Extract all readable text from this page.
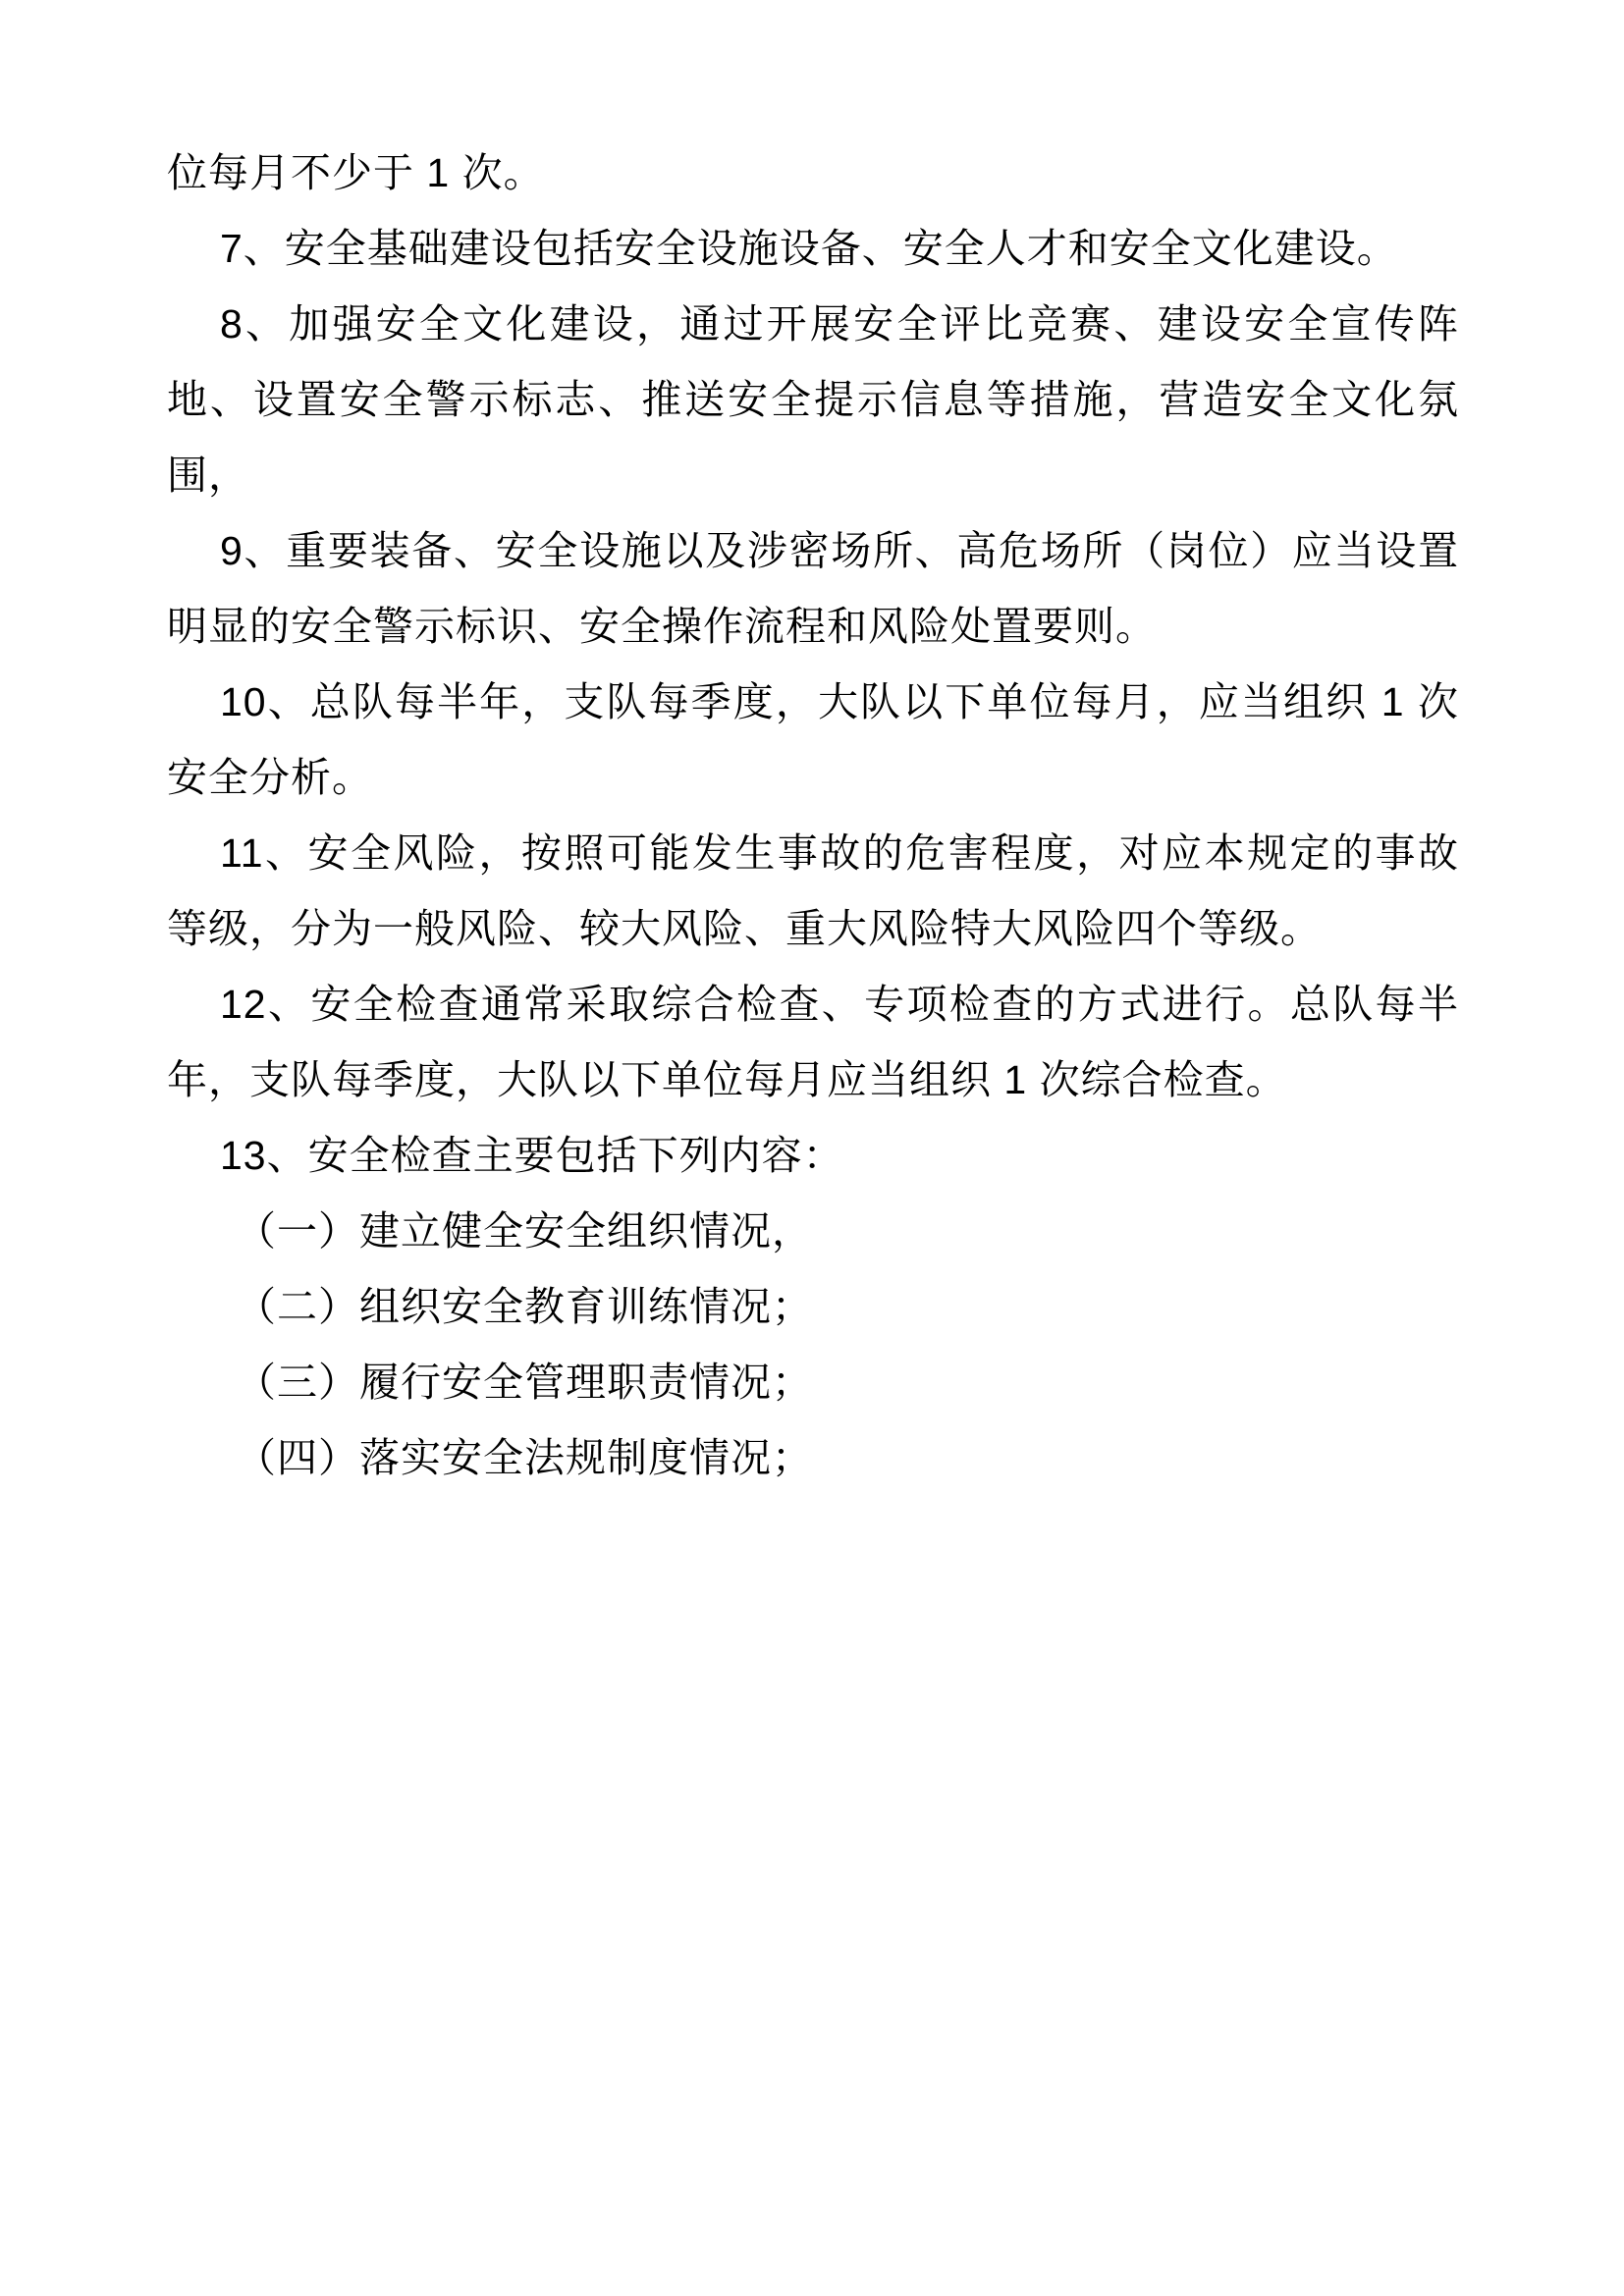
位每月不少于 1 次。

7、安全基础建设包括安全设施设备、安全人才和安全文化建设。

8、加强安全文化建设，通过开展安全评比竞赛、建设安全宣传阵地、设置安全警示标志、推送安全提示信息等措施，营造安全文化氛围，

9、重要装备、安全设施以及涉密场所、高危场所（岗位）应当设置明显的安全警示标识、安全操作流程和风险处置要则。

10、总队每半年，支队每季度，大队以下单位每月，应当组织 1 次安全分析。

11、安全风险，按照可能发生事故的危害程度，对应本规定的事故等级，分为一般风险、较大风险、重大风险特大风险四个等级。

12、安全检查通常采取综合检查、专项检查的方式进行。总队每半年，支队每季度，大队以下单位每月应当组织 1 次综合检查。

13、安全检查主要包括下列内容：

（一）建立健全安全组织情况，

（二）组织安全教育训练情况；

（三）履行安全管理职责情况；

（四）落实安全法规制度情况；
